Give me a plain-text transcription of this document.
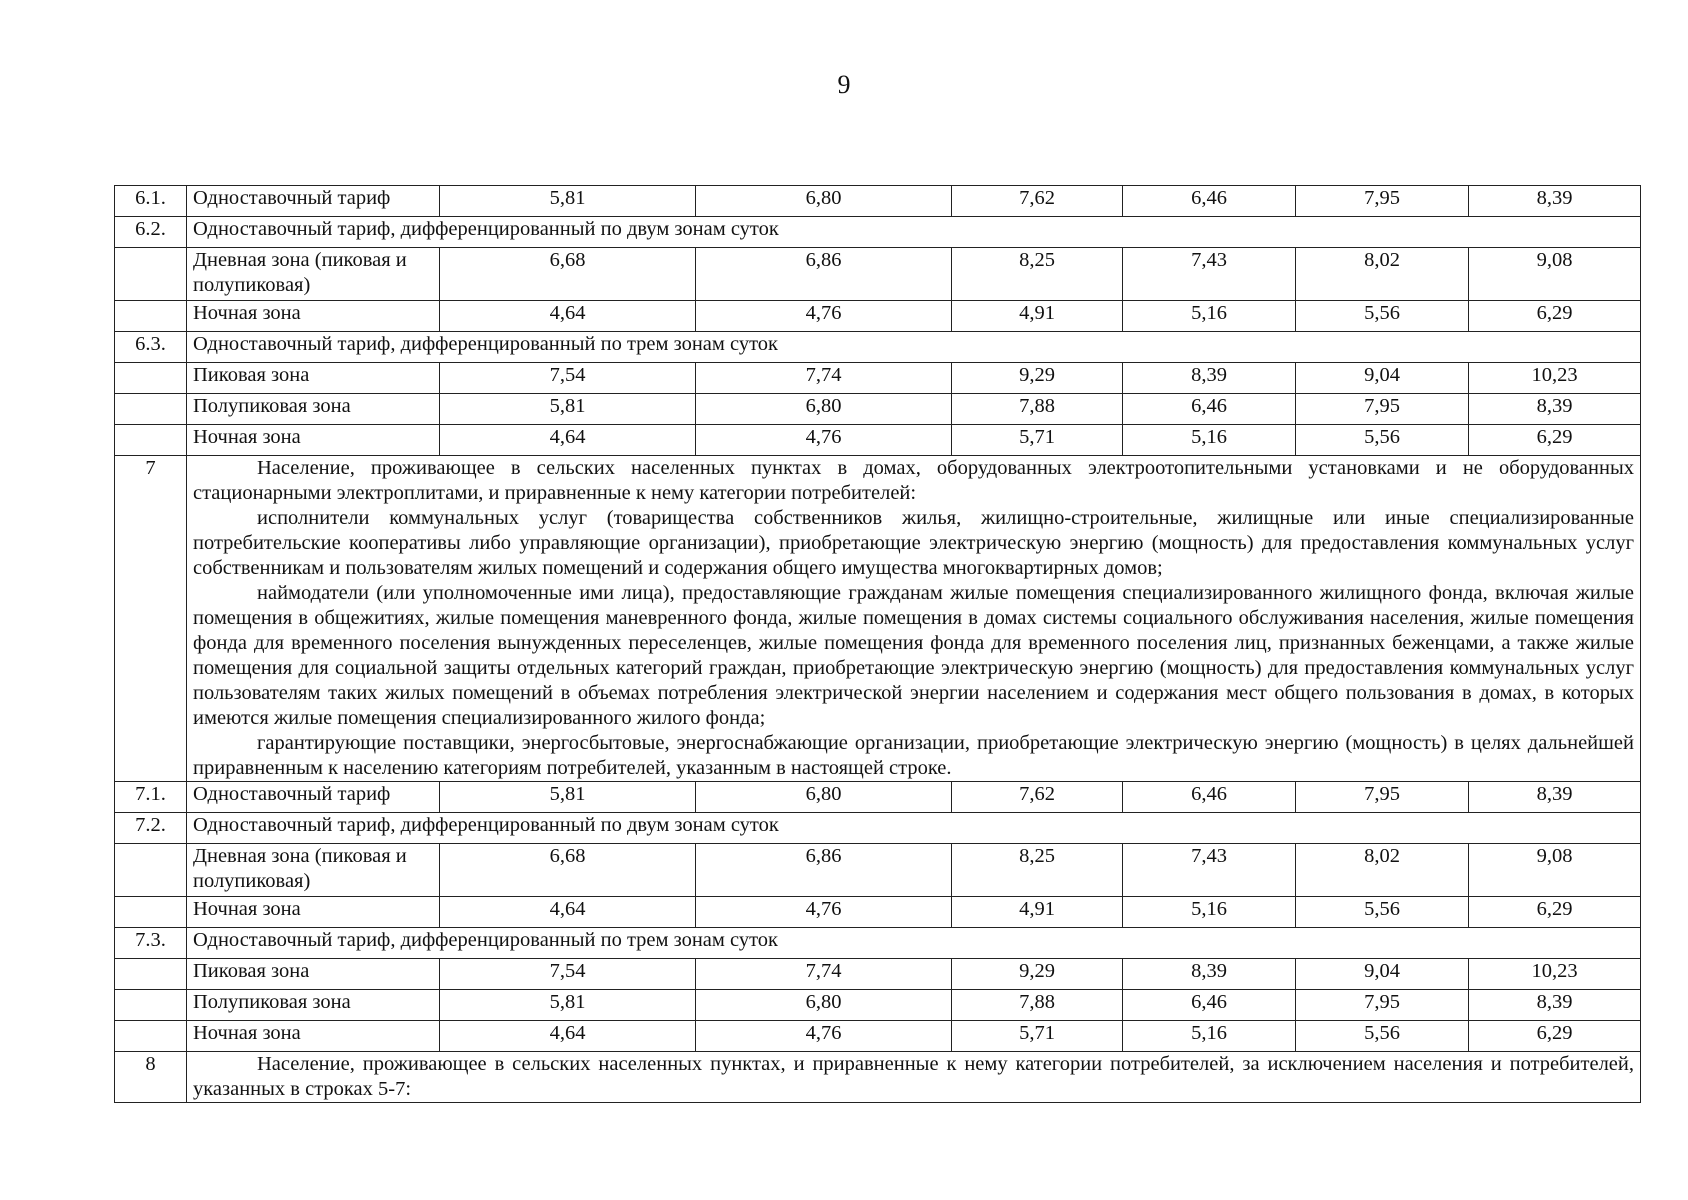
9
6.1.	Одноставочный тариф	5,81	6,80	7,62	6,46	7,95	8,39
6.2.	Одноставочный тариф, дифференцированный по двум зонам суток						
	Дневная зона (пиковая и полупиковая)	6,68	6,86	8,25	7,43	8,02	9,08
	Ночная зона	4,64	4,76	4,91	5,16	5,56	6,29
6.3.	Одноставочный тариф, дифференцированный по трем зонам суток						
	Пиковая зона	7,54	7,74	9,29	8,39	9,04	10,23
	Полупиковая зона	5,81	6,80	7,88	6,46	7,95	8,39
	Ночная зона	4,64	4,76	5,71	5,16	5,56	6,29
7	Население, проживающее в сельских населенных пунктах в домах, оборудованных электроотопительными установками и не оборудованных стационарными электроплитами, и приравненные к нему категории потребителей:

исполнители коммунальных услуг (товарищества собственников жилья, жилищно-строительные, жилищные или иные специализированные потребительские кооперативы либо управляющие организации), приобретающие электрическую энергию (мощность) для предоставления коммунальных услуг собственникам и пользователям жилых помещений и содержания общего имущества многоквартирных домов;

наймодатели (или уполномоченные ими лица), предоставляющие гражданам жилые помещения специализированного жилищного фонда, включая жилые помещения в общежитиях, жилые помещения маневренного фонда, жилые помещения в домах системы социального обслуживания населения, жилые помещения фонда для временного поселения вынужденных переселенцев, жилые помещения фонда для временного поселения лиц, признанных беженцами, а также жилые помещения для социальной защиты отдельных категорий граждан, приобретающие электрическую энергию (мощность) для предоставления коммунальных услуг пользователям таких жилых помещений в объемах потребления электрической энергии населением и содержания мест общего пользования в домах, в которых имеются жилые помещения специализированного жилого фонда;

гарантирующие поставщики, энергосбытовые, энергоснабжающие организации, приобретающие электрическую энергию (мощность) в целях дальнейшей приравненным к населению категориям потребителей, указанным в настоящей строке.						

7.1.	Одноставочный тариф	5,81	6,80	7,62	6,46	7,95	8,39
7.2.	Одноставочный тариф, дифференцированный по двум зонам суток						
	Дневная зона (пиковая и полупиковая)	6,68	6,86	8,25	7,43	8,02	9,08
	Ночная зона	4,64	4,76	4,91	5,16	5,56	6,29
7.3.	Одноставочный тариф, дифференцированный по трем зонам суток						
	Пиковая зона	7,54	7,74	9,29	8,39	9,04	10,23
	Полупиковая зона	5,81	6,80	7,88	6,46	7,95	8,39
	Ночная зона	4,64	4,76	5,71	5,16	5,56	6,29
8	Население, проживающее в сельских населенных пунктах, и приравненные к нему категории потребителей, за исключением населения и потребителей, указанных в строках 5-7:						
